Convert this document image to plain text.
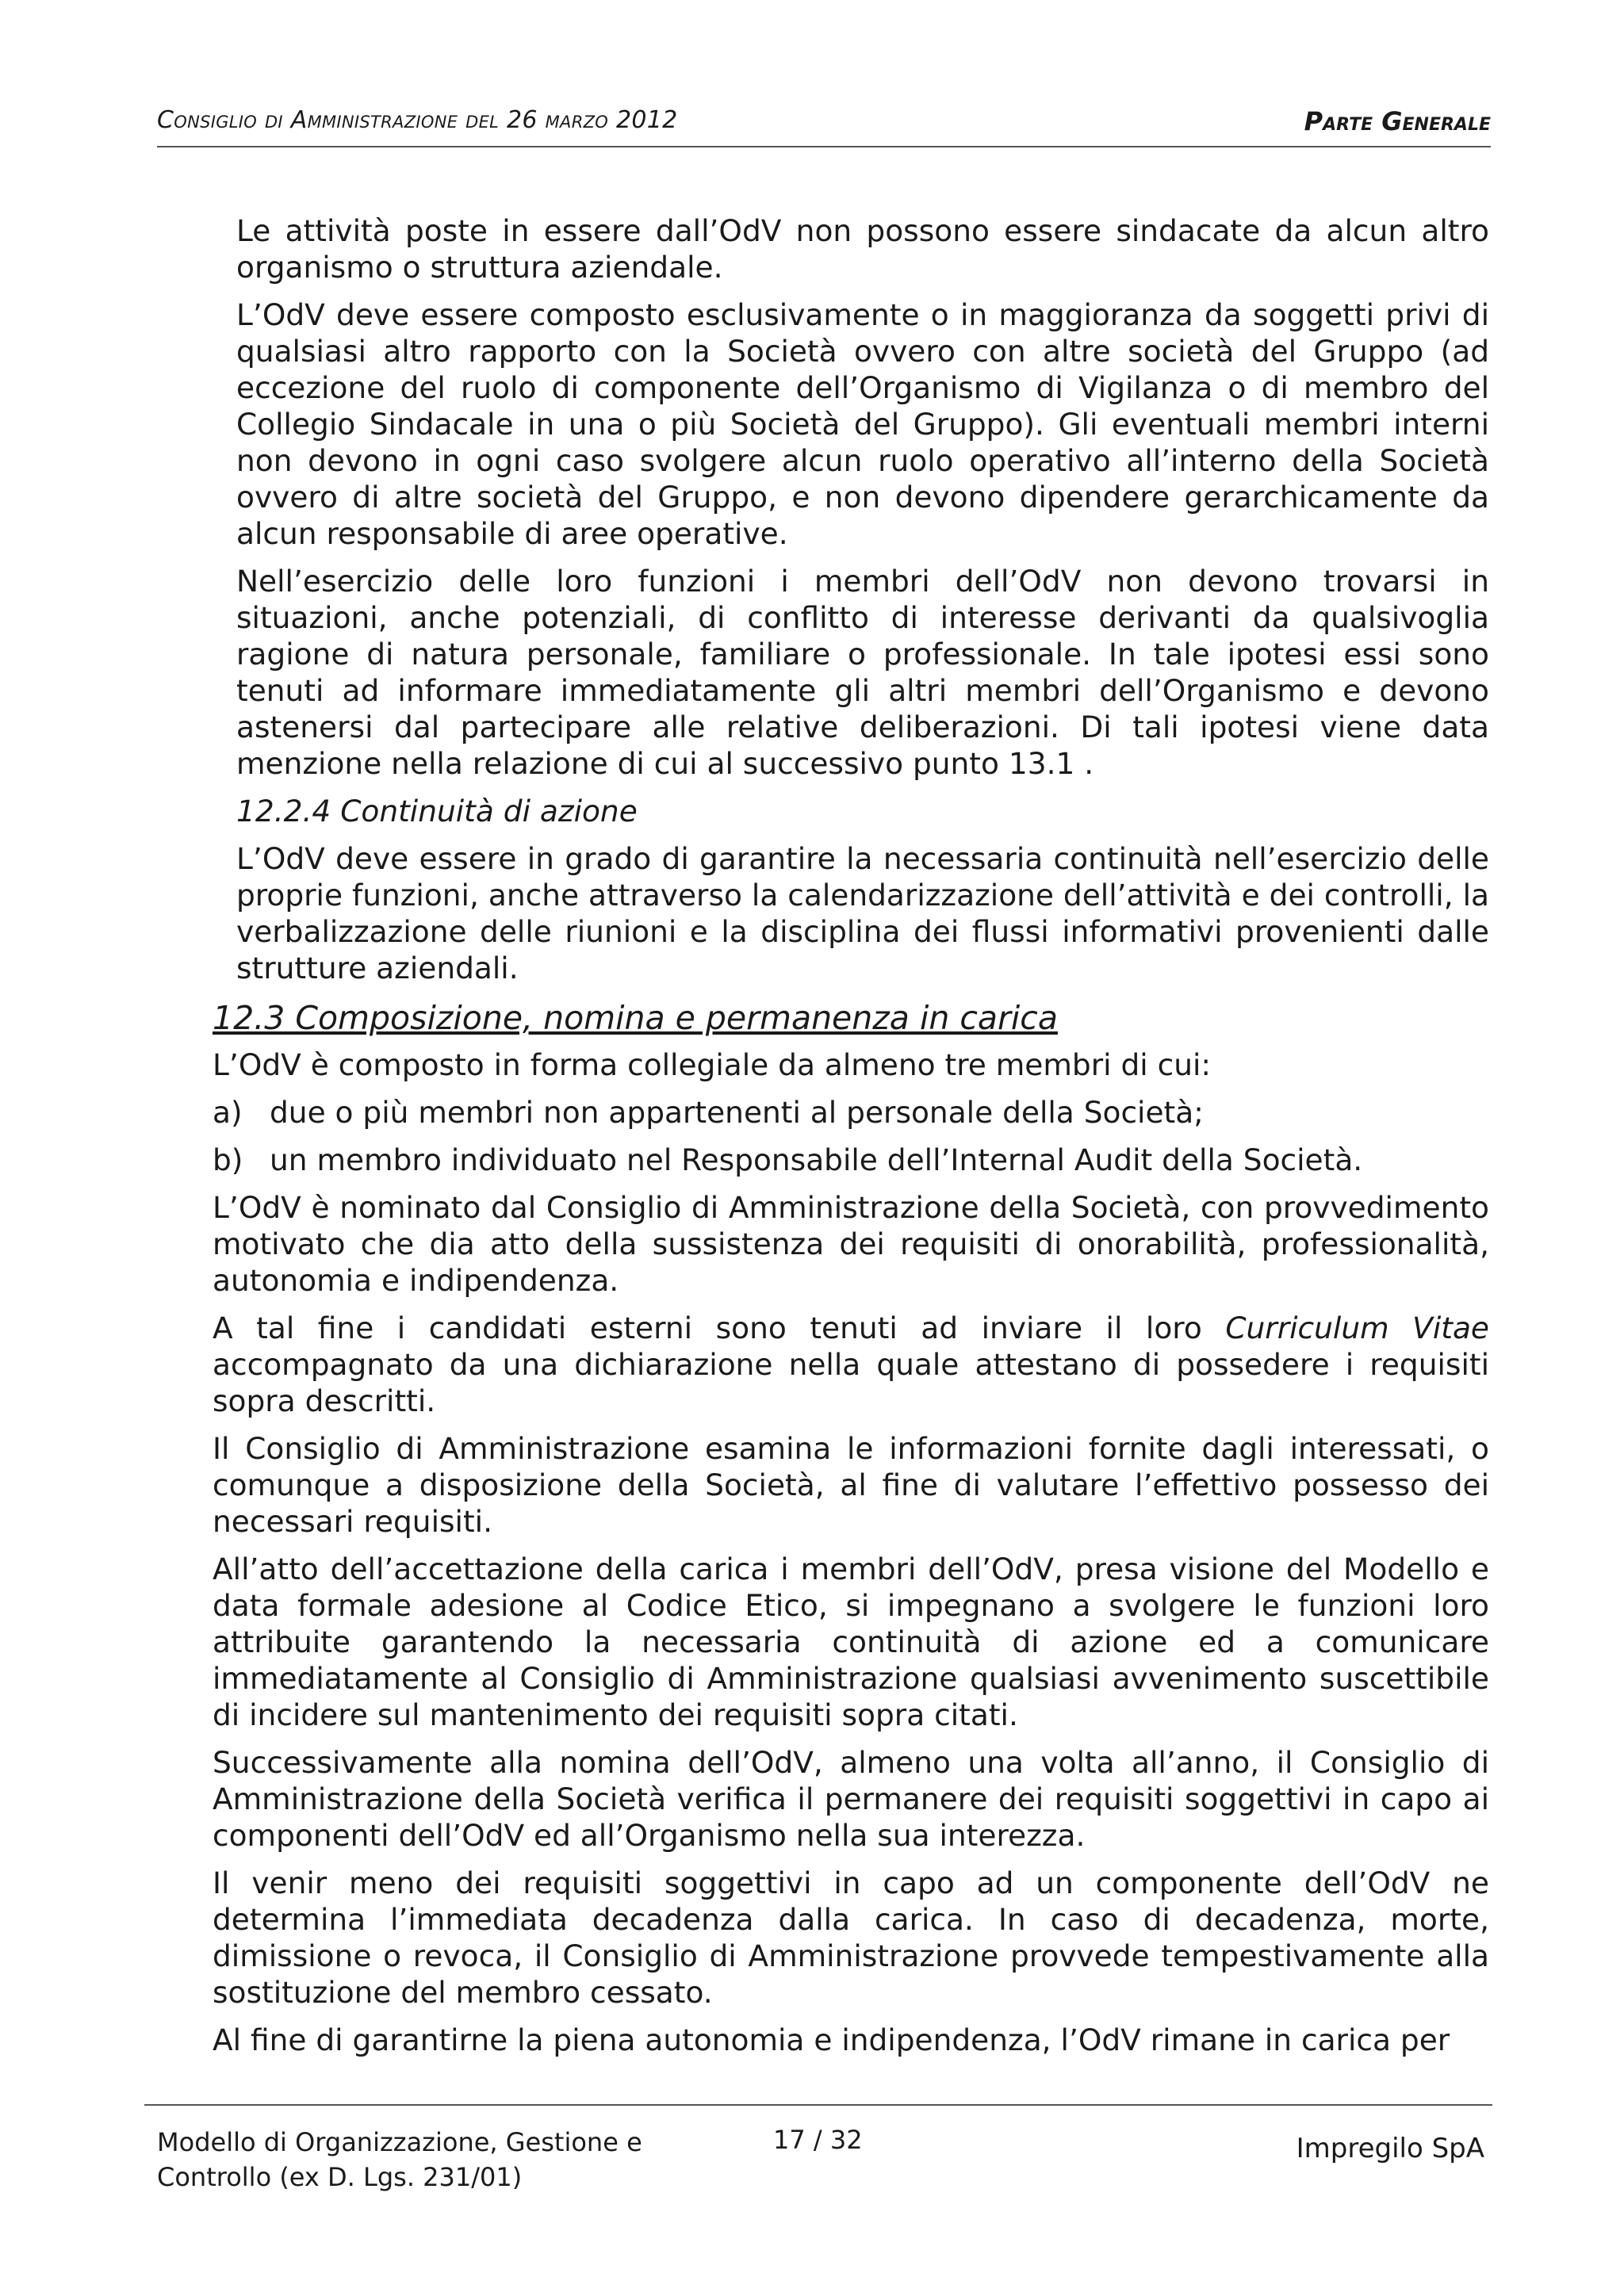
Consiglio di Amministrazione del 26 marzo 2012	Parte Generale

Le attività poste in essere dall’OdV non possono essere sindacate da alcun altro organismo o struttura aziendale.

L’OdV deve essere composto esclusivamente o in maggioranza da soggetti privi di qualsiasi altro rapporto con la Società ovvero con altre società del Gruppo (ad eccezione del ruolo di componente dell’Organismo di Vigilanza o di membro del Collegio Sindacale in una o più Società del Gruppo). Gli eventuali membri interni non devono in ogni caso svolgere alcun ruolo operativo all’interno della Società ovvero di altre società del Gruppo, e non devono dipendere gerarchicamente da alcun responsabile di aree operative.

Nell’esercizio delle loro funzioni i membri dell’OdV non devono trovarsi in situazioni, anche potenziali, di conflitto di interesse derivanti da qualsivoglia ragione di natura personale, familiare o professionale. In tale ipotesi essi sono tenuti ad informare immediatamente gli altri membri dell’Organismo e devono astenersi dal partecipare alle relative deliberazioni. Di tali ipotesi viene data menzione nella relazione di cui al successivo punto 13.1 .

12.2.4 Continuità di azione

L’OdV deve essere in grado di garantire la necessaria continuità nell’esercizio delle proprie funzioni, anche attraverso la calendarizzazione dell’attività e dei controlli, la verbalizzazione delle riunioni e la disciplina dei flussi informativi provenienti dalle strutture aziendali.

12.3 Composizione, nomina e permanenza in carica

L’OdV è composto in forma collegiale da almeno tre membri di cui:

a) due o più membri non appartenenti al personale della Società;
b) un membro individuato nel Responsabile dell’Internal Audit della Società.

L’OdV è nominato dal Consiglio di Amministrazione della Società, con provvedimento motivato che dia atto della sussistenza dei requisiti di onorabilità, professionalità, autonomia e indipendenza.

A tal fine i candidati esterni sono tenuti ad inviare il loro Curriculum Vitae accompagnato da una dichiarazione nella quale attestano di possedere i requisiti sopra descritti.

Il Consiglio di Amministrazione esamina le informazioni fornite dagli interessati, o comunque a disposizione della Società, al fine di valutare l’effettivo possesso dei necessari requisiti.

All’atto dell’accettazione della carica i membri dell’OdV, presa visione del Modello e data formale adesione al Codice Etico, si impegnano a svolgere le funzioni loro attribuite garantendo la necessaria continuità di azione ed a comunicare immediatamente al Consiglio di Amministrazione qualsiasi avvenimento suscettibile di incidere sul mantenimento dei requisiti sopra citati.

Successivamente alla nomina dell’OdV, almeno una volta all’anno, il Consiglio di Amministrazione della Società verifica il permanere dei requisiti soggettivi in capo ai componenti dell’OdV ed all’Organismo nella sua interezza.

Il venir meno dei requisiti soggettivi in capo ad un componente dell’OdV ne determina l’immediata decadenza dalla carica. In caso di decadenza, morte, dimissione o revoca, il Consiglio di Amministrazione provvede tempestivamente alla sostituzione del membro cessato.

Al fine di garantirne la piena autonomia e indipendenza, l’OdV rimane in carica per

Modello di Organizzazione, Gestione e
Controllo (ex D. Lgs. 231/01)
17 / 32	Impregilo SpA
